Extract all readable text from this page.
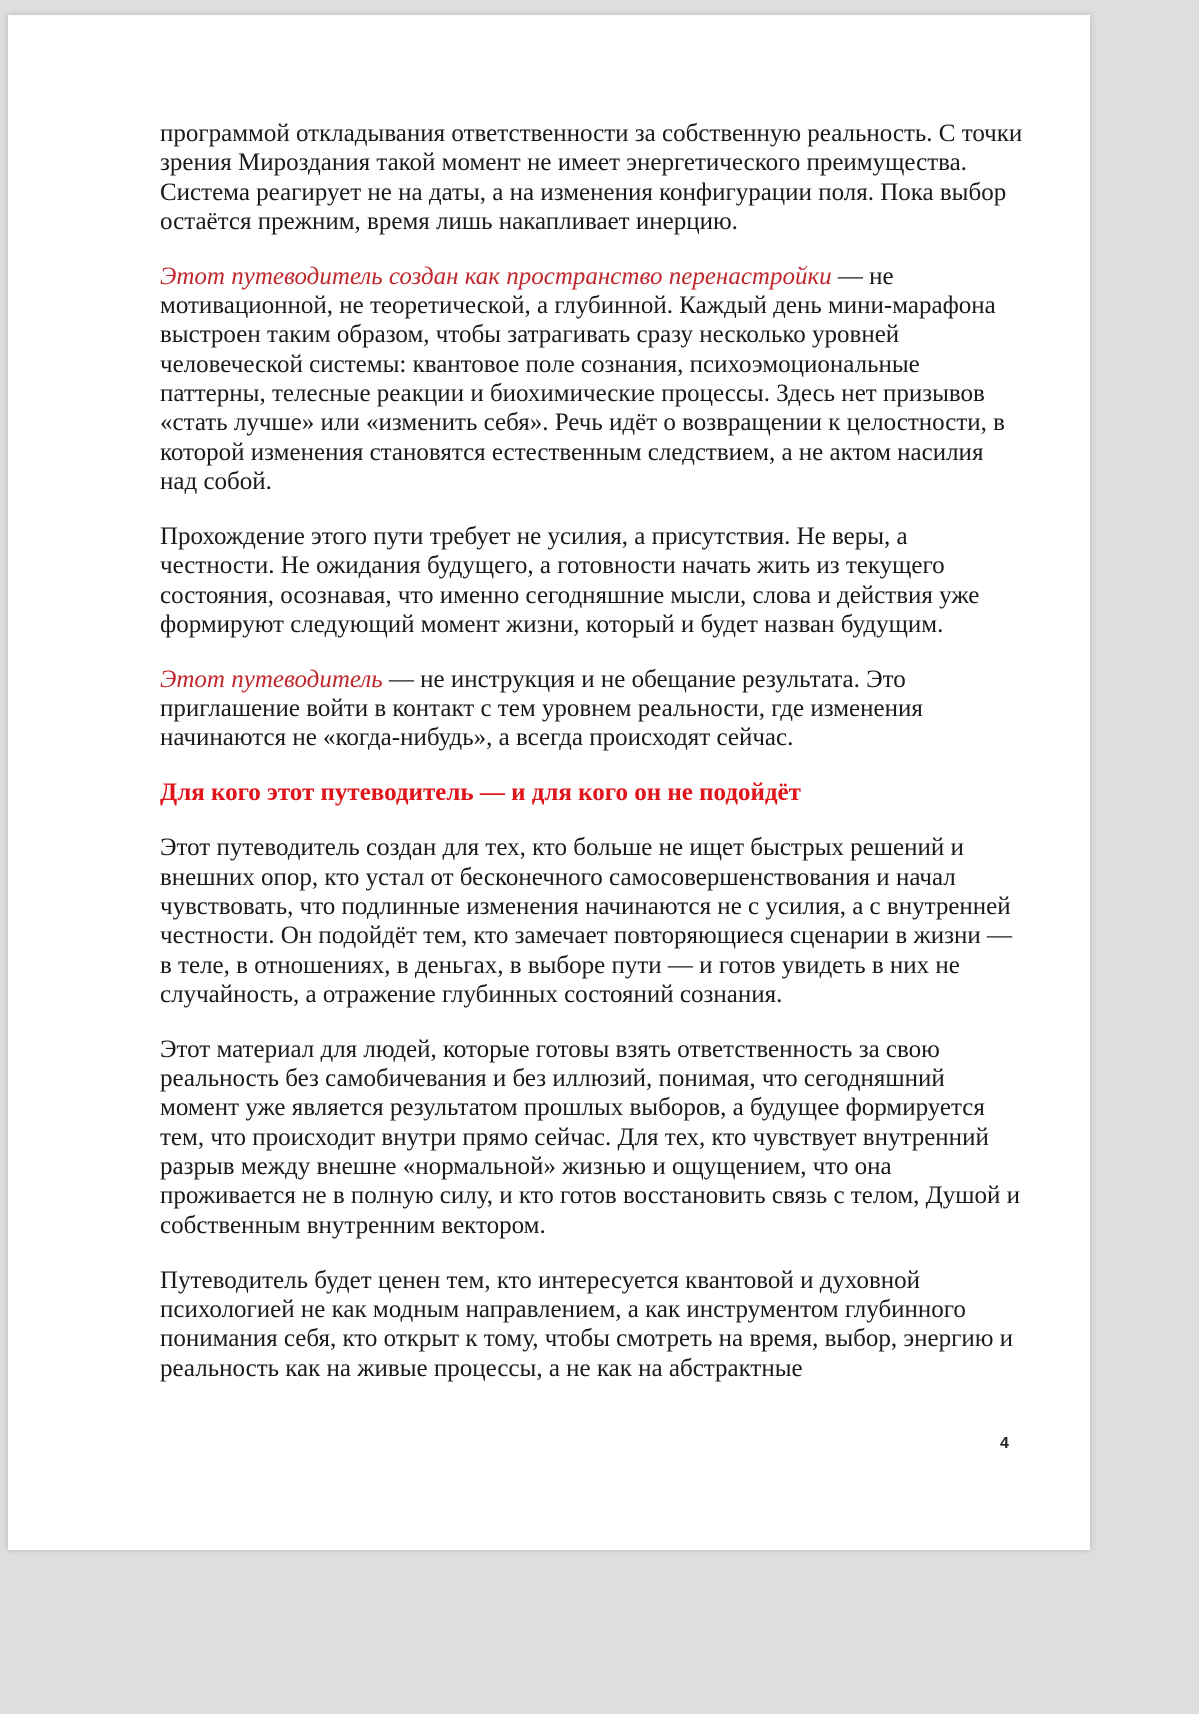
программой откладывания ответственности за собственную реальность. С точки зрения Мироздания такой момент не имеет энергетического преимущества. Система реагирует не на даты, а на изменения конфигурации поля. Пока выбор остаётся прежним, время лишь накапливает инерцию.

Этот путеводитель создан как пространство перенастройки — не мотивационной, не теоретической, а глубинной. Каждый день мини-марафона выстроен таким образом, чтобы затрагивать сразу несколько уровней человеческой системы: квантовое поле сознания, психоэмоциональные паттерны, телесные реакции и биохимические процессы. Здесь нет призывов «стать лучше» или «изменить себя». Речь идёт о возвращении к целостности, в которой изменения становятся естественным следствием, а не актом насилия над собой.

Прохождение этого пути требует не усилия, а присутствия. Не веры, а честности. Не ожидания будущего, а готовности начать жить из текущего состояния, осознавая, что именно сегодняшние мысли, слова и действия уже формируют следующий момент жизни, который и будет назван будущим.

Этот путеводитель — не инструкция и не обещание результата. Это приглашение войти в контакт с тем уровнем реальности, где изменения начинаются не «когда-нибудь», а всегда происходят сейчас.

Для кого этот путеводитель — и для кого он не подойдёт

Этот путеводитель создан для тех, кто больше не ищет быстрых решений и внешних опор, кто устал от бесконечного самосовершенствования и начал чувствовать, что подлинные изменения начинаются не с усилия, а с внутренней честности. Он подойдёт тем, кто замечает повторяющиеся сценарии в жизни — в теле, в отношениях, в деньгах, в выборе пути — и готов увидеть в них не случайность, а отражение глубинных состояний сознания.

Этот материал для людей, которые готовы взять ответственность за свою реальность без самобичевания и без иллюзий, понимая, что сегодняшний момент уже является результатом прошлых выборов, а будущее формируется тем, что происходит внутри прямо сейчас. Для тех, кто чувствует внутренний разрыв между внешне «нормальной» жизнью и ощущением, что она проживается не в полную силу, и кто готов восстановить связь с телом, Душой и собственным внутренним вектором.

Путеводитель будет ценен тем, кто интересуется квантовой и духовной психологией не как модным направлением, а как инструментом глубинного понимания себя, кто открыт к тому, чтобы смотреть на время, выбор, энергию и реальность как на живые процессы, а не как на абстрактные

4
